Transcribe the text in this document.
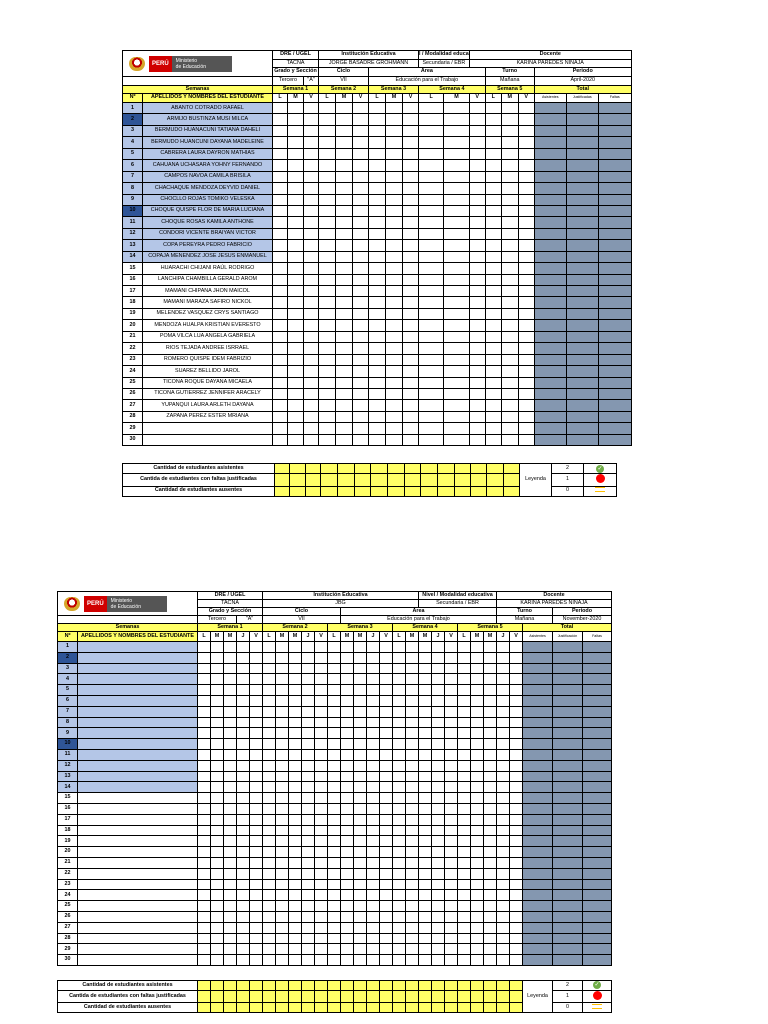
PERÚ Ministerio
de Educación		DRE / UGEL			Institución Educativa						l / Modalidad educa		Docente						
		TACNA			JORGE BASADRE GROHMANN						Secundaria / EBR		KARINA PAREDES NINAJA						
		Grado y Sección			Ciclo			Área						Turno			Periodo		
		Tercero		"A"	VII			Educación para el Trabajo						Mañana			April-2020		
Semanas		Semana 1			Semana 2			Semana 3			Semana 4			Semana 5			Total		
Nº	APELLIDOS Y NOMBRES DEL ESTUDIANTE	L	M	V	L	M	V	L	M	V	L	M	V	L	M	V	Asistentes	Justificadas	Faltas
1	ABANTO COTRADO RAFAEL																		
2	ARMIJO BUSTINZA MUSI MILCA																		
3	BERMUDO HUANACUNI TATIANA DAHELI																		
4	BERMUDO HUANCUNI DAYANA MADELEINE																		
5	CABRERA LAURA DAYRON MATHIAS																		
6	CAHUANA UCHASARA YOHNY FERNANDO																		
7	CAMPOS NAVOA CAMILA BRISILA																		
8	CHACHAQUE MENDOZA DEYVID DANIEL																		
9	CHOCLLO ROJAS TOMIKO VELESKA																		
10	CHOQUE QUISPE FLOR DE MARIA LUCIANA																		
11	CHOQUE ROSAS KAMILA ANTHONE																		
12	CONDORI VICENTE BRAIYAN VICTOR																		
13	COPA PEREYRA PEDRO FABRICIO																		
14	COPAJA MENENDEZ JOSE JESUS ENMANUEL																		
15	HUARACHI CHIJANI RAÚL RODRIGO																		
16	LANCHIPA CHAMBILLA GERALD AROM																		
17	MAMANI CHIPANA JHON MAICOL																		
18	MAMANI MARAZA SAFIRO NICKOL																		
19	MELENDEZ VASQUEZ CRYS SANTIAGO																		
20	MENDOZA HUALPA KRISTIAN EVERESTO																		
21	POMA VILCA LUA ANGELA GABRIELA																		
22	RIOS TEJADA ANDREE ISRRAEL																		
23	ROMERO QUISPE IDEM FABRIZIO																		
24	SUAREZ BELLIDO JAROL																		
25	TICONA ROQUE DAYANA MICAELA																		
26	TICONA GUTIERREZ JENNIFER ARACELY																		
27	YUPANQUI LAURA ARLETH DAYANA																		
28	ZAPANA PEREZ ESTER MRIANA																		
29																			
30																			
Cantidad de estudiantes asistentes																Leyenda	2	✓
Cantida de estudiantes con faltas justificadas																	1	
Cantidad de estudiantes ausentes																	0	
PERÚ Ministerio
de Educación		DRE / UGEL					Institución Educativa												Nivel / Modalidad educativa						Docente				
		TACNA					JBG												Secundaria / EBR						KARINA PAREDES NINAJA				
		Grado y Sección					Ciclo						Área												Turno			Periodo	
		Tercero			"A"		VII						Educación para el Trabajo												Mañana			November-2020	
Semanas		Semana 1					Semana 2					Semana 3					Semana 4					Semana 5					Total		
Nº	APELLIDOS Y NOMBRES DEL ESTUDIANTE	L	M	M	J	V	L	M	M	J	V	L	M	M	J	V	L	M	M	J	V	L	M	M	J	V	Asistentes	Justificación	Faltas
1																													
2																													
3																													
4																													
5																													
6																													
7																													
8																													
9																													
10																													
11																													
12																													
13																													
14																													
15																													
16																													
17																													
18																													
19																													
20																													
21																													
22																													
23																													
24																													
25																													
26																													
27																													
28																													
29																													
30																													
Cantidad de estudiantes asistentes																										Leyenda	2	✓
Cantida de estudiantes con faltas justificadas																											1	
Cantidad de estudiantes ausentes																											0	
